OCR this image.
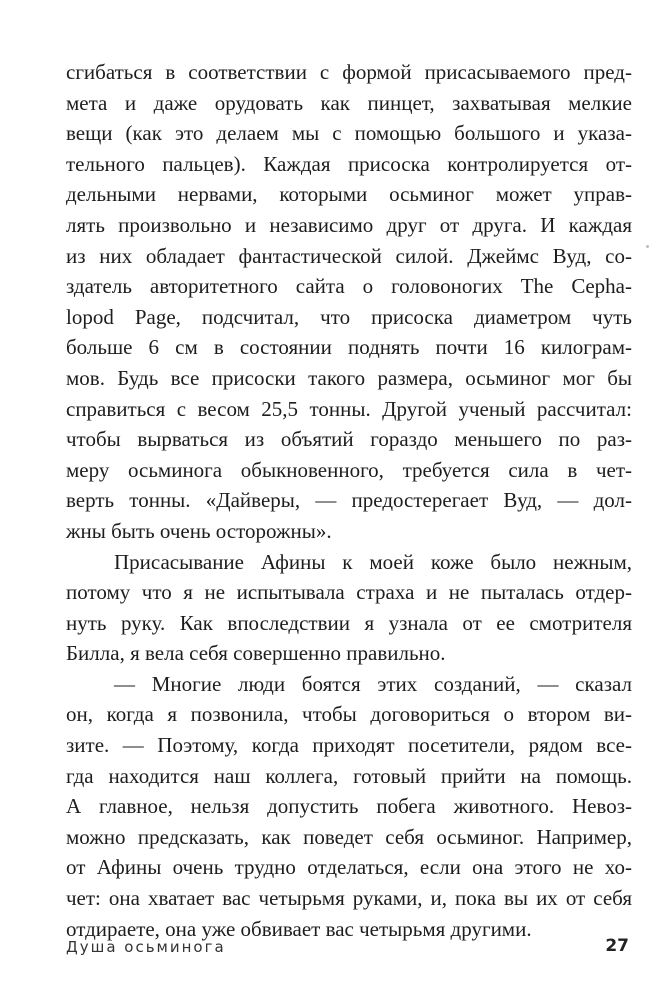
сгибаться в соответствии с формой присасываемого пред-
мета и даже орудовать как пинцет, захватывая мелкие
вещи (как это делаем мы с помощью большого и указа-
тельного пальцев). Каждая присоска контролируется от-
дельными нервами, которыми осьминог может управ-
лять произвольно и независимо друг от друга. И каждая
из них обладает фантастической силой. Джеймс Вуд, со-
здатель авторитетного сайта о головоногих The Cepha-
lopod Page, подсчитал, что присоска диаметром чуть
больше 6 см в состоянии поднять почти 16 килограм-
мов. Будь все присоски такого размера, осьминог мог бы
справиться с весом 25,5 тонны. Другой ученый рассчитал:
чтобы вырваться из объятий гораздо меньшего по раз-
меру осьминога обыкновенного, требуется сила в чет-
верть тонны. «Дайверы, — предостерегает Вуд, — дол-
жны быть очень осторожны».
Присасывание Афины к моей коже было нежным,
потому что я не испытывала страха и не пыталась отдер-
нуть руку. Как впоследствии я узнала от ее смотрителя
Билла, я вела себя совершенно правильно.
— Многие люди боятся этих созданий, — сказал
он, когда я позвонила, чтобы договориться о втором ви-
зите. — Поэтому, когда приходят посетители, рядом все-
гда находится наш коллега, готовый прийти на помощь.
А главное, нельзя допустить побега животного. Невоз-
можно предсказать, как поведет себя осьминог. Например,
от Афины очень трудно отделаться, если она этого не хо-
чет: она хватает вас четырьмя руками, и, пока вы их от себя
отдираете, она уже обвивает вас четырьмя другими.
Душа осьминога	27
